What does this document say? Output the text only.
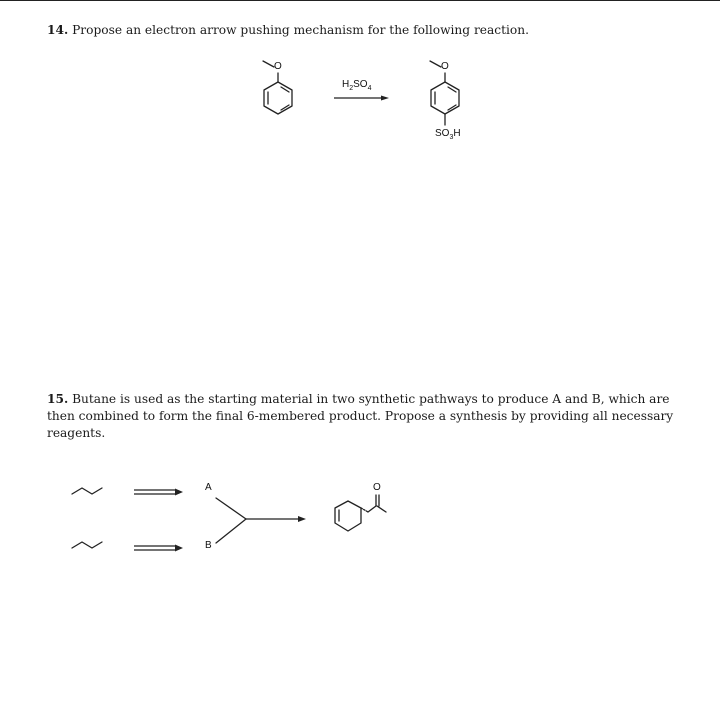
14. Propose an electron arrow pushing mechanism for the following reaction.
O
$H_2SO_4$
O
$SO_3H$
15. Butane is used as the starting material in two synthetic pathways to produce A and B, which are then combined to form the final 6-membered product. Propose a synthesis by providing all necessary reagents.
A
B
O
